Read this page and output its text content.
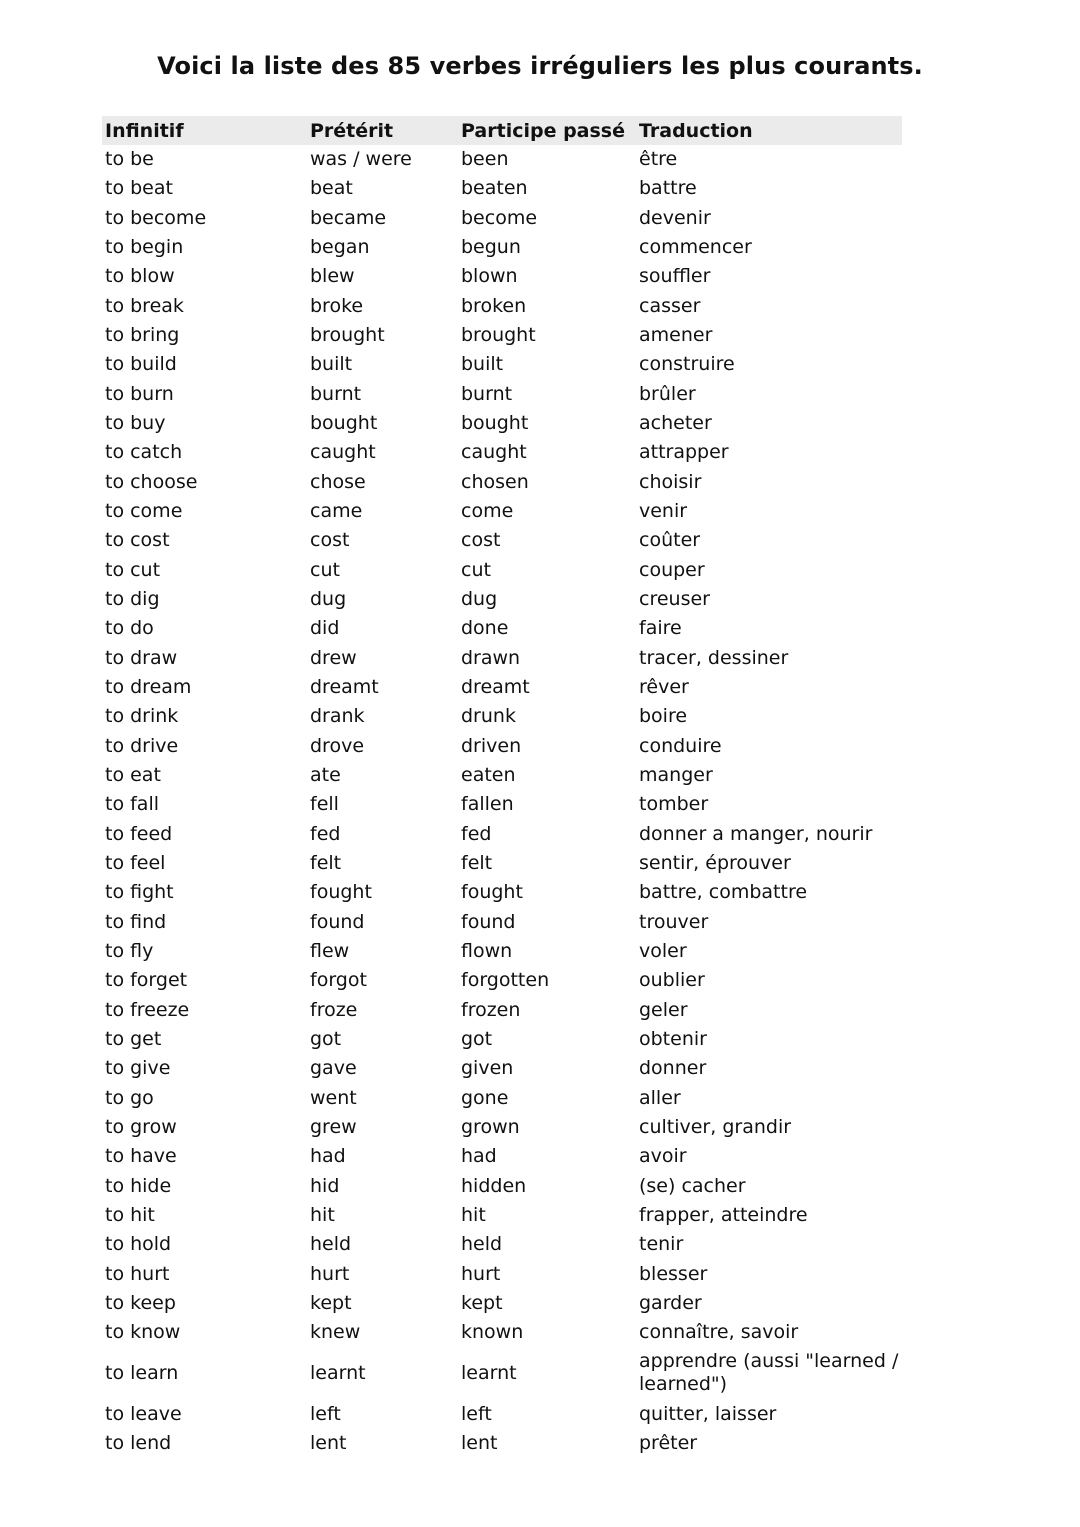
Voici la liste des 85 verbes irréguliers les plus courants.
Infinitif	Prétérit	Participe passé	Traduction
to be	was / were	been	être
to beat	beat	beaten	battre
to become	became	become	devenir
to begin	began	begun	commencer
to blow	blew	blown	souffler
to break	broke	broken	casser
to bring	brought	brought	amener
to build	built	built	construire
to burn	burnt	burnt	brûler
to buy	bought	bought	acheter
to catch	caught	caught	attrapper
to choose	chose	chosen	choisir
to come	came	come	venir
to cost	cost	cost	coûter
to cut	cut	cut	couper
to dig	dug	dug	creuser
to do	did	done	faire
to draw	drew	drawn	tracer, dessiner
to dream	dreamt	dreamt	rêver
to drink	drank	drunk	boire
to drive	drove	driven	conduire
to eat	ate	eaten	manger
to fall	fell	fallen	tomber
to feed	fed	fed	donner a manger, nourir
to feel	felt	felt	sentir, éprouver
to fight	fought	fought	battre, combattre
to find	found	found	trouver
to fly	flew	flown	voler
to forget	forgot	forgotten	oublier
to freeze	froze	frozen	geler
to get	got	got	obtenir
to give	gave	given	donner
to go	went	gone	aller
to grow	grew	grown	cultiver, grandir
to have	had	had	avoir
to hide	hid	hidden	(se) cacher
to hit	hit	hit	frapper, atteindre
to hold	held	held	tenir
to hurt	hurt	hurt	blesser
to keep	kept	kept	garder
to know	knew	known	connaître, savoir
to learn	learnt	learnt	apprendre (aussi "learned / learned")
to leave	left	left	quitter, laisser
to lend	lent	lent	prêter
